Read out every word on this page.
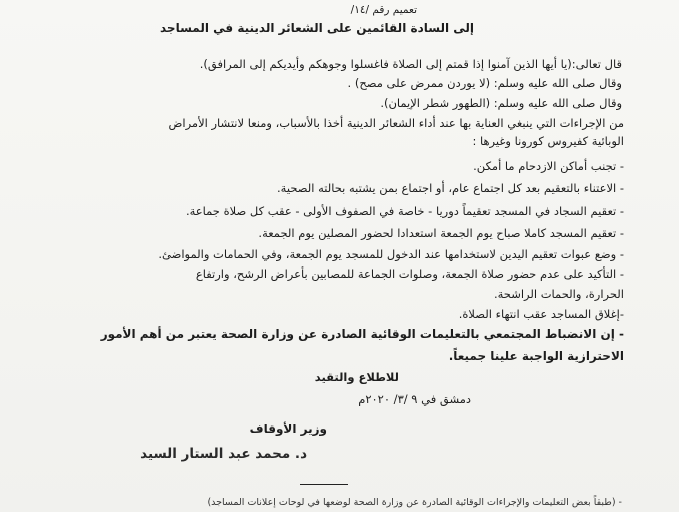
تعميم رقم /١٤/
إلى السادة القائمين على الشعائر الدينية في المساجد
قال تعالى:(يا أيها الذين آمنوا إذا قمتم إلى الصلاة فاغسلوا وجوهكم وأيديكم إلى المرافق).
وقال صلى الله عليه وسلم: (لا يوردن ممرض على مصح) .
وقال صلى الله عليه وسلم: (الطهور شطر الإيمان).
من الإجراءات التي ينبغي العناية بها عند أداء الشعائر الدينية أخذا بالأسباب، ومنعا لانتشار الأمراض
الوبائية كفيروس كورونا وغيرها :
- تجنب أماكن الازدحام ما أمكن.
- الاعتناء بالتعقيم بعد كل اجتماع عام، أو اجتماع بمن يشتبه بحالته الصحية.
- تعقيم السجاد في المسجد تعقيماً دوريا - خاصة في الصفوف الأولى - عقب كل صلاة جماعة.
- تعقيم المسجد كاملا صباح يوم الجمعة استعدادا لحضور المصلين يوم الجمعة.
- وضع عبوات تعقيم اليدين لاستخدامها عند الدخول للمسجد يوم الجمعة، وفي الحمامات والمواضئ.
- التأكيد على عدم حضور صلاة الجمعة، وصلوات الجماعة للمصابين بأعراض الرشح، وارتفاع
الحرارة، والحمات الراشحة.
-إغلاق المساجد عقب انتهاء الصلاة.
- إن الانضباط المجتمعي بالتعليمات الوقائية الصادرة عن وزارة الصحة يعتبر من أهم الأمور
الاحترازية الواجبة علينا جميعاً.
للاطلاع والتقيد
دمشق في ٩ /٣/ ٢٠٢٠م
وزير الأوقاف
د. محمد عبد الستار السيد
- (طبقاً بعض التعليمات والإجراءات الوقائية الصادرة عن وزارة الصحة لوضعها في لوحات إعلانات المساجد)
